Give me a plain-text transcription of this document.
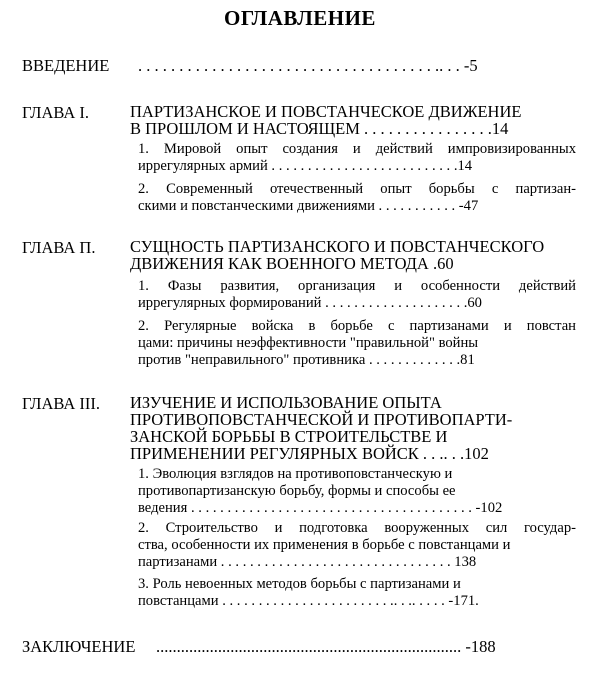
ОГЛАВЛЕНИЕ
ВВЕДЕНИЕ . . . . . . . . . . . . . . . . . . . . . . . . . . . . . . . . . . . . .. . . -5
ГЛАВА I. ПАРТИЗАНСКОЕ И ПОВСТАНЧЕСКОЕ ДВИЖЕНИЕ
В ПРОШЛОМ И НАСТОЯЩЕМ . . . . . . . . . . . . . . . .14
1. Мировой опыт создания и действий импровизированных
иррегулярных армий . . . . . . . . . . . . . . . . . . . . . . . . . .14
2. Современный отечественный опыт борьбы с партизан-
скими и повстанческими движениями . . . . . . . . . . . -47
ГЛАВА П. СУЩНОСТЬ ПАРТИЗАНСКОГО И ПОВСТАНЧЕСКОГО
ДВИЖЕНИЯ КАК ВОЕННОГО МЕТОДА .60
1. Фазы развития, организация и особенности действий
иррегулярных формирований . . . . . . . . . . . . . . . . . . . .60
2. Регулярные войска в борьбе с партизанами и повстан
цами: причины неэффективности "правильной" войны
против "неправильного" противника . . . . . . . . . . . . .81
ГЛАВА III. ИЗУЧЕНИЕ И ИСПОЛЬЗОВАНИЕ ОПЫТА
ПРОТИВОПОВСТАНЧЕСКОЙ И ПРОТИВОПАРТИ-
ЗАНСКОЙ БОРЬБЫ В СТРОИТЕЛЬСТВЕ И
ПРИМЕНЕНИИ РЕГУЛЯРНЫХ ВОЙСК . . .. . .102
1. Эволюция взглядов на противоповстанческую и
противопартизанскую борьбу, формы и способы ее
ведения . . . . . . . . . . . . . . . . . . . . . . . . . . . . . . . . . . . . . . . -102
2. Строительство и подготовка вооруженных сил государ-
ства, особенности их применения в борьбе с повстанцами и
партизанами . . . . . . . . . . . . . . . . . . . . . . . . . . . . . . . . 138
3. Роль невоенных методов борьбы с партизанами и
повстанцами . . . . . . . . . . . . . . . . . . . . . . . .. . .. . . . . -171.
ЗАКЛЮЧЕНИЕ .......................................................................... -188
